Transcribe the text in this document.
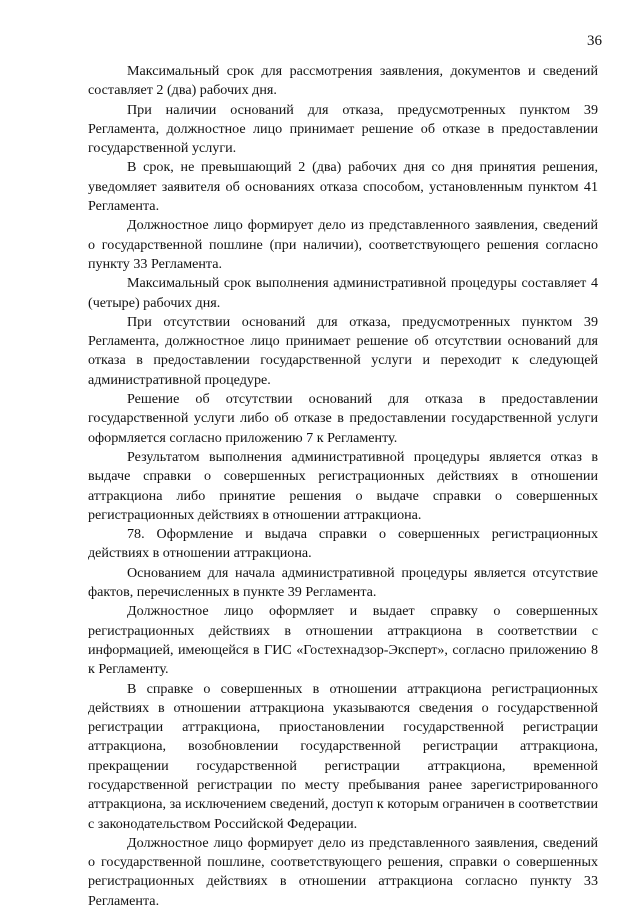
36

Максимальный срок для рассмотрения заявления, документов и сведений составляет 2 (два) рабочих дня.

При наличии оснований для отказа, предусмотренных пунктом 39 Регламента, должностное лицо принимает решение об отказе в предоставлении государственной услуги.

В срок, не превышающий 2 (два) рабочих дня со дня принятия решения, уведомляет заявителя об основаниях отказа способом, установленным пунктом 41 Регламента.

Должностное лицо формирует дело из представленного заявления, сведений о государственной пошлине (при наличии), соответствующего решения согласно пункту 33 Регламента.

Максимальный срок выполнения административной процедуры составляет 4 (четыре) рабочих дня.

При отсутствии оснований для отказа, предусмотренных пунктом 39 Регламента, должностное лицо принимает решение об отсутствии оснований для отказа в предоставлении государственной услуги и переходит к следующей административной процедуре.

Решение об отсутствии оснований для отказа в предоставлении государственной услуги либо об отказе в предоставлении государственной услуги оформляется согласно приложению 7 к Регламенту.

Результатом выполнения административной процедуры является отказ в выдаче справки о совершенных регистрационных действиях в отношении аттракциона либо принятие решения о выдаче справки о совершенных регистрационных действиях в отношении аттракциона.

78. Оформление и выдача справки о совершенных регистрационных действиях в отношении аттракциона.

Основанием для начала административной процедуры является отсутствие фактов, перечисленных в пункте 39 Регламента.

Должностное лицо оформляет и выдает справку о совершенных регистрационных действиях в отношении аттракциона в соответствии с информацией, имеющейся в ГИС «Гостехнадзор-Эксперт», согласно приложению 8 к Регламенту.

В справке о совершенных в отношении аттракциона регистрационных действиях в отношении аттракциона указываются сведения о государственной регистрации аттракциона, приостановлении государственной регистрации аттракциона, возобновлении государственной регистрации аттракциона, прекращении государственной регистрации аттракциона, временной государственной регистрации по месту пребывания ранее зарегистрированного аттракциона, за исключением сведений, доступ к которым ограничен в соответствии с законодательством Российской Федерации.

Должностное лицо формирует дело из представленного заявления, сведений о государственной пошлине, соответствующего решения, справки о совершенных регистрационных действиях в отношении аттракциона согласно пункту 33 Регламента.
